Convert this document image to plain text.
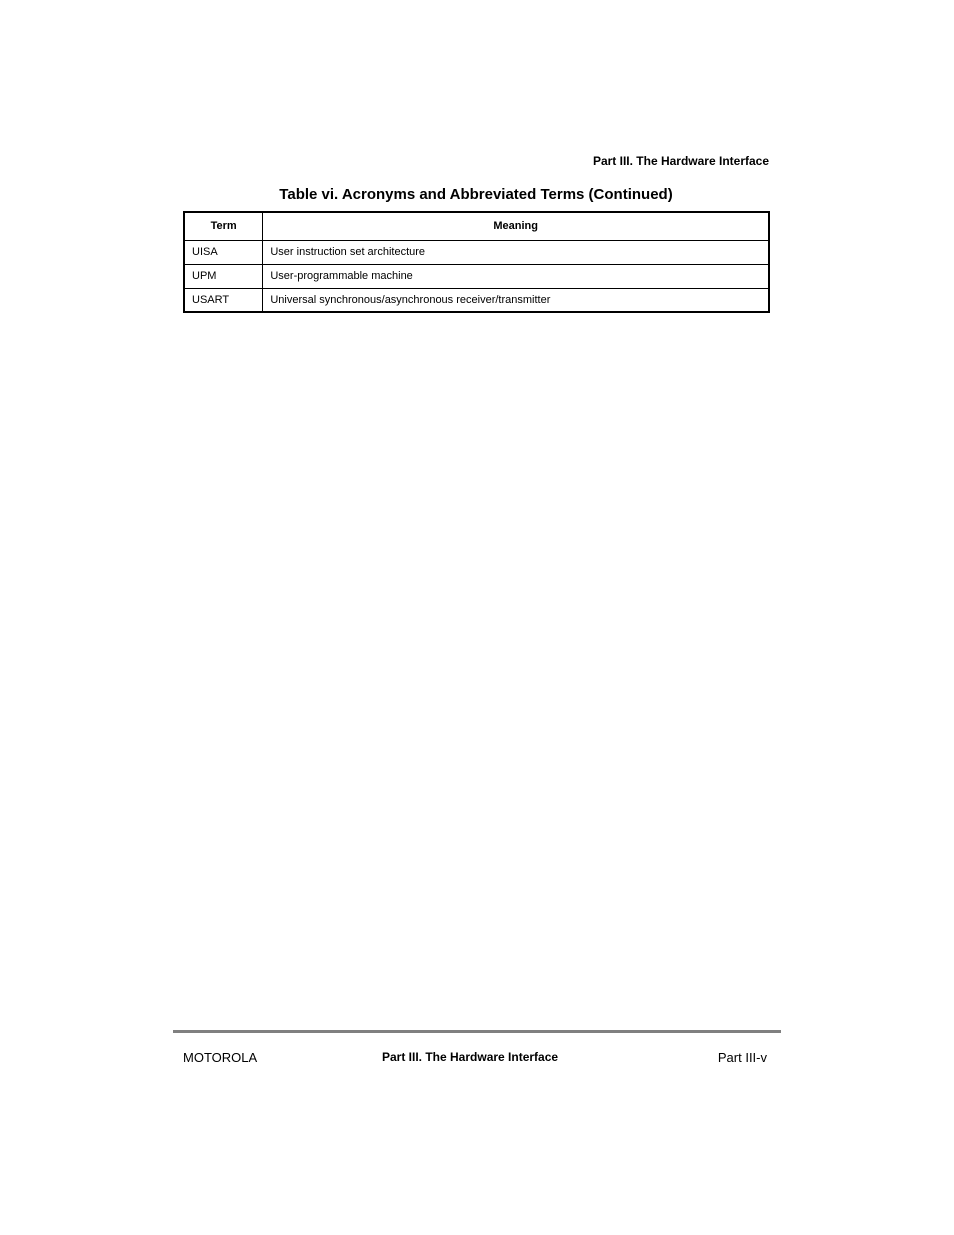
Part III. The Hardware Interface
Table vi. Acronyms and Abbreviated Terms (Continued)
Term	Meaning
UISA	User instruction set architecture
UPM	User-programmable machine
USART	Universal synchronous/asynchronous receiver/transmitter
MOTOROLA	Part III. The Hardware Interface	Part III-v
